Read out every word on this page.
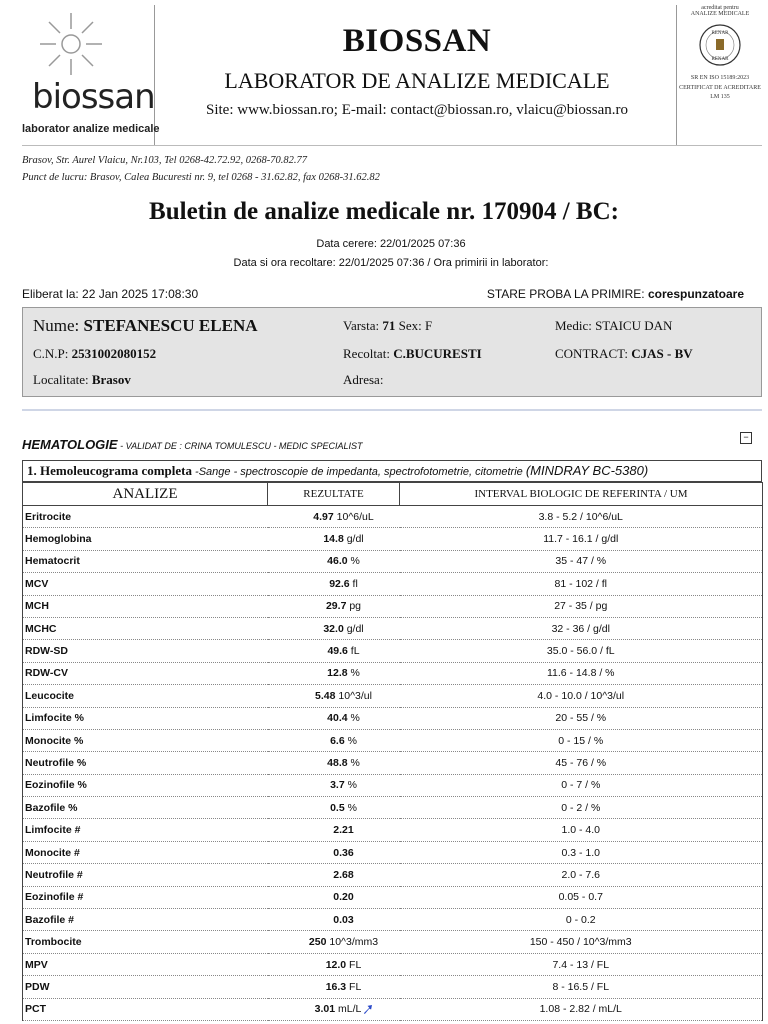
biossan
laborator analize medicale
BIOSSAN
LABORATOR DE ANALIZE MEDICALE
Site: www.biossan.ro; E-mail: contact@biossan.ro, vlaicu@biossan.ro
acreditat pentru
ANALIZE MEDICALE
RENAR
RENAR
SR EN ISO 15189:2023
CERTIFICAT DE ACREDITARE
LM 135
Brasov, Str. Aurel Vlaicu, Nr.103, Tel 0268-42.72.92, 0268-70.82.77
Punct de lucru: Brasov, Calea Bucuresti nr. 9, tel 0268 - 31.62.82, fax 0268-31.62.82
Buletin de analize medicale nr. 170904 / BC:
Data cerere: 22/01/2025 07:36
Data si ora recoltare: 22/01/2025 07:36 / Ora primirii in laborator:
Eliberat la: 22 Jan 2025 17:08:30	STARE PROBA LA PRIMIRE: corespunzatoare
Nume: STEFANESCU ELENA
C.N.P: 2531002080152
Localitate: Brasov
Varsta: 71 Sex: F
Recoltat: C.BUCURESTI
Adresa:
Medic: STAICU DAN
CONTRACT: CJAS - BV
HEMATOLOGIE - VALIDAT DE : CRINA TOMULESCU - MEDIC SPECIALIST
−
1. Hemoleucograma completa -Sange - spectroscopie de impedanta, spectrofotometrie, citometrie (MINDRAY BC-5380)
ANALIZE	REZULTATE	INTERVAL BIOLOGIC DE REFERINTA / UM
Eritrocite	4.97 10^6/uL	3.8 - 5.2 / 10^6/uL
Hemoglobina	14.8 g/dl	11.7 - 16.1 / g/dl
Hematocrit	46.0 %	35 - 47 / %
MCV	92.6 fl	81 - 102 / fl
MCH	29.7 pg	27 - 35 / pg
MCHC	32.0 g/dl	32 - 36 / g/dl
RDW-SD	49.6 fL	35.0 - 56.0 / fL
RDW-CV	12.8 %	11.6 - 14.8 / %
Leucocite	5.48 10^3/ul	4.0 - 10.0 / 10^3/ul
Limfocite %	40.4 %	20 - 55 / %
Monocite %	6.6 %	0 - 15 / %
Neutrofile %	48.8 %	45 - 76 / %
Eozinofile %	3.7 %	0 - 7 / %
Bazofile %	0.5 %	0 - 2 / %
Limfocite #	2.21	1.0 - 4.0
Monocite #	0.36	0.3 - 1.0
Neutrofile #	2.68	2.0 - 7.6
Eozinofile #	0.20	0.05 - 0.7
Bazofile #	0.03	0 - 0.2
Trombocite	250 10^3/mm3	150 - 450 / 10^3/mm3
MPV	12.0 FL	7.4 - 13 / FL
PDW	16.3 FL	8 - 16.5 / FL
PCT	3.01 mL/L	1.08 - 2.82 / mL/L
